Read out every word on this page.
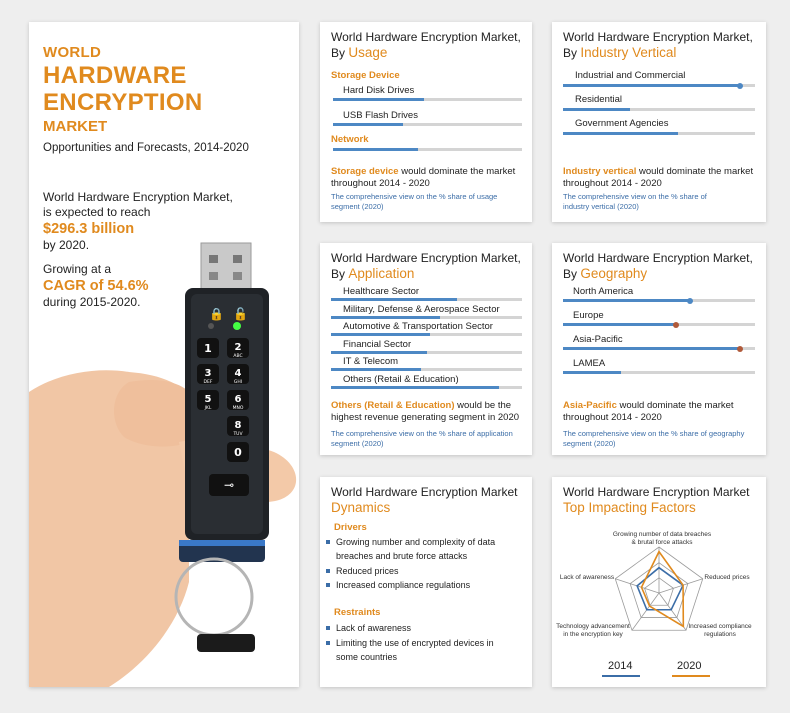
WORLD
HARDWARE
ENCRYPTION
MARKET
Opportunities and Forecasts, 2014-2020
World Hardware Encryption Market,
is expected to reach
$296.3 billion
by 2020.
Growing at a
CAGR of 54.6%
during 2015-2020.
🔒 🔓
1 2
ABC
3
DEF
4
GHI
5
JKL
6
MNO
8
TUV
0
⊸
World Hardware Encryption Market,
By Usage
Storage Device
Hard Disk Drives
USB Flash Drives
Network
Storage device would dominate the market
throughout 2014 - 2020
The comprehensive view on the % share of usage
segment (2020)
World Hardware Encryption Market,
By Industry Vertical
Industrial and Commercial
Residential
Government Agencies
Industry vertical would dominate the market
throughout 2014 - 2020
The comprehensive view on the % share of
industry vertical (2020)
World Hardware Encryption Market,
By Application
Healthcare Sector
Military, Defense & Aerospace Sector
Automotive & Transportation Sector
Financial Sector
IT & Telecom
Others (Retail & Education)
Others (Retail & Education) would be the
highest revenue generating segment in 2020
The comprehensive view on the % share of application
segment (2020)
World Hardware Encryption Market,
By Geography
North America
Europe
Asia-Pacific
LAMEA
Asia-Pacific would dominate the market
throughout 2014 - 2020
The comprehensive view on the % share of geography
segment (2020)
World Hardware Encryption Market
Dynamics
Drivers
Growing number and complexity of data
breaches and brute force attacks
Reduced prices
Increased compliance regulations
Restraints
Lack of awareness
Limiting the use of encrypted devices in
some countries
World Hardware Encryption Market
Top Impacting Factors
Growing number of data breaches
& brutal force attacks
Reduced prices
Increased compliance
regulations
Technology advancement
in the encryption key
Lack of awareness
2014	2020
